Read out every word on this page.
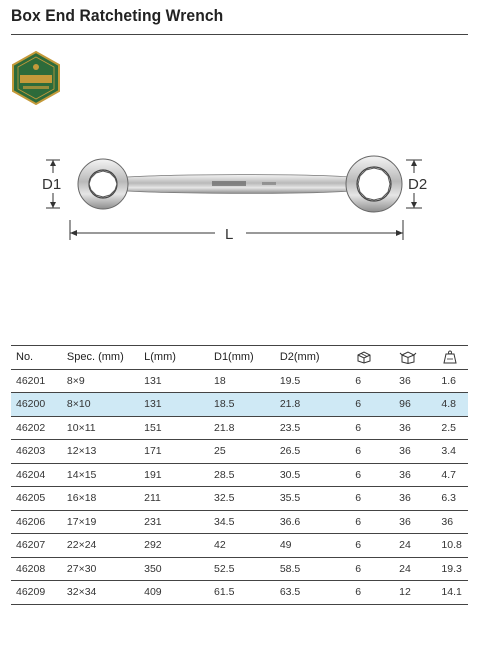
Box End Ratcheting Wrench
D1	D2
L
No.	Spec. (mm)	L(mm)	D1(mm)	D2(mm)			
46201	8×9	131	18	19.5	6	36	1.6
46200	8×10	131	18.5	21.8	6	96	4.8
46202	10×11	151	21.8	23.5	6	36	2.5
46203	12×13	171	25	26.5	6	36	3.4
46204	14×15	191	28.5	30.5	6	36	4.7
46205	16×18	211	32.5	35.5	6	36	6.3
46206	17×19	231	34.5	36.6	6	36	36
46207	22×24	292	42	49	6	24	10.8
46208	27×30	350	52.5	58.5	6	24	19.3
46209	32×34	409	61.5	63.5	6	12	14.1
